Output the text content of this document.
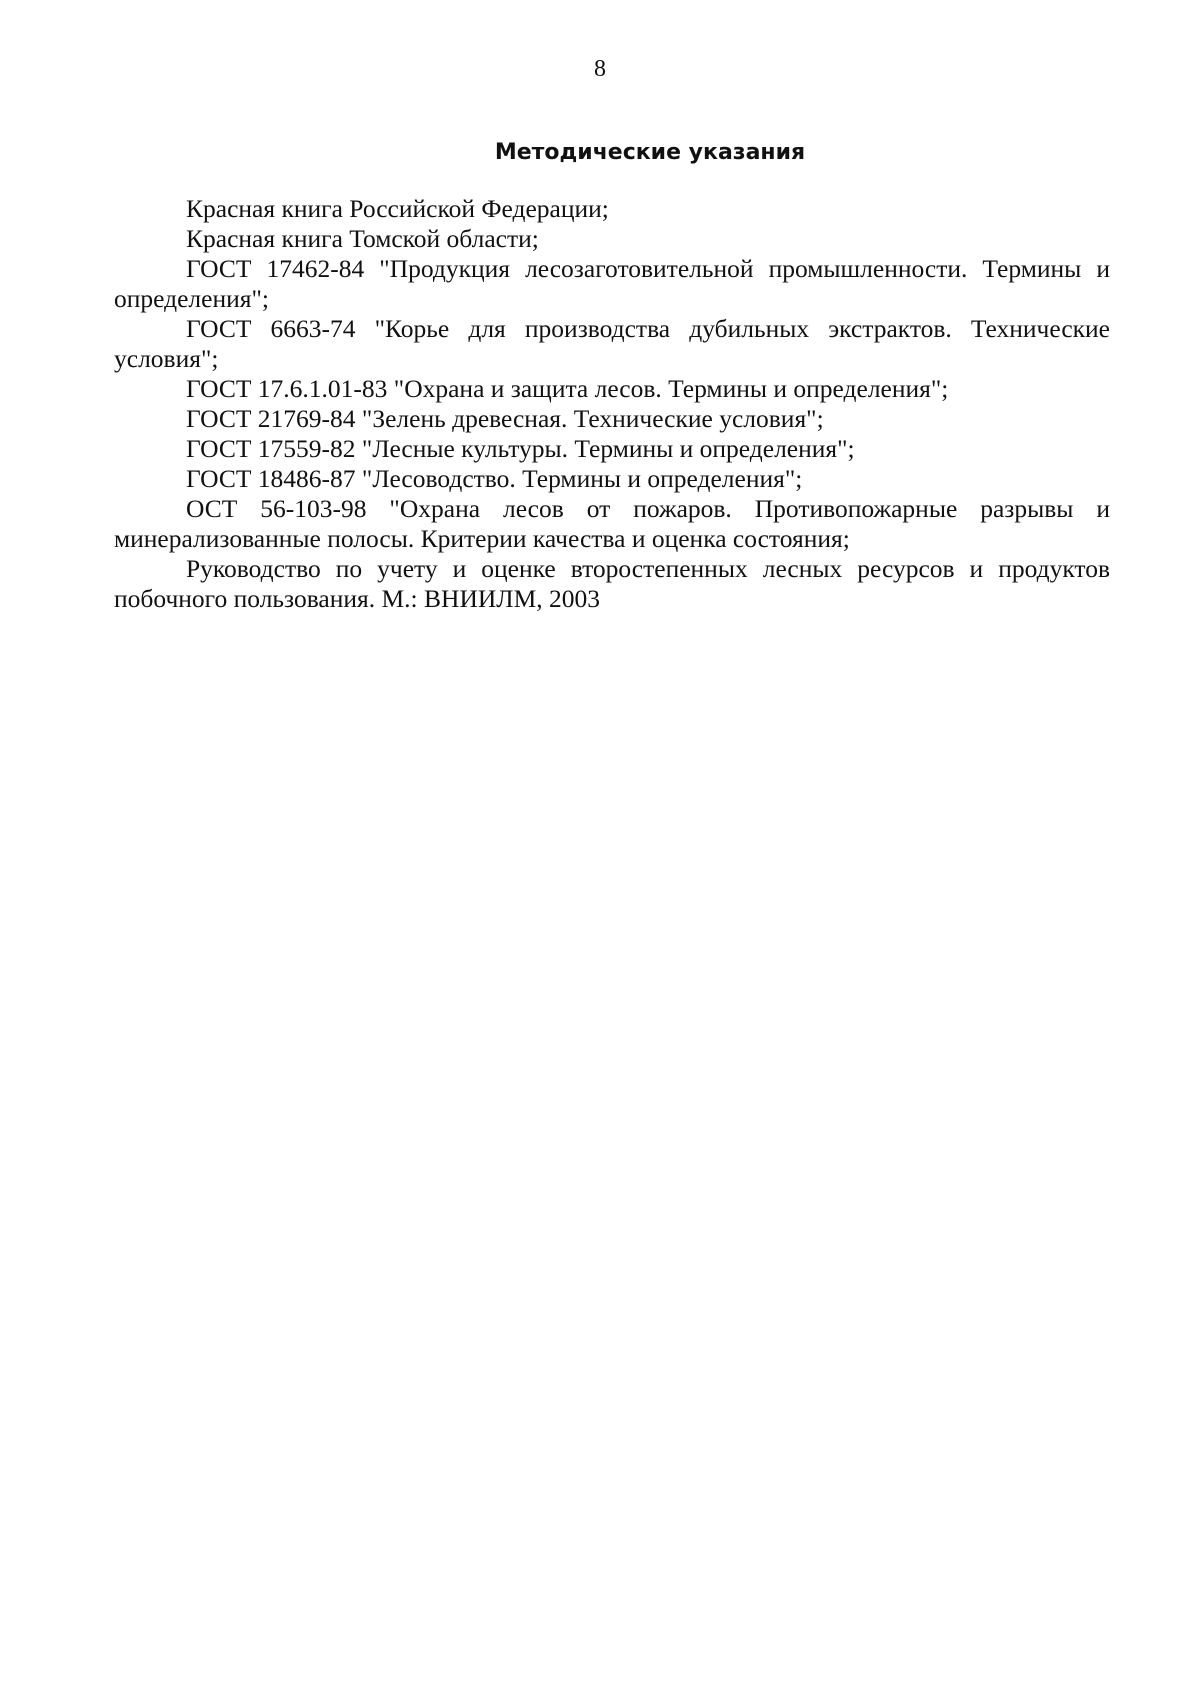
8
Методические указания

Красная книга Российской Федерации;

Красная книга Томской области;

ГОСТ 17462-84 "Продукция лесозаготовительной промышленности. Термины и определения";

ГОСТ 6663-74 "Корье для производства дубильных экстрактов. Технические условия";

ГОСТ 17.6.1.01-83 "Охрана и защита лесов. Термины и определения";

ГОСТ 21769-84 "Зелень древесная. Технические условия";

ГОСТ 17559-82 "Лесные культуры. Термины и определения";

ГОСТ 18486-87 "Лесоводство. Термины и определения";

ОСТ 56-103-98 "Охрана лесов от пожаров. Противопожарные разрывы и минерализованные полосы. Критерии качества и оценка состояния;

Руководство по учету и оценке второстепенных лесных ресурсов и продуктов побочного пользования. М.: ВНИИЛМ, 2003
